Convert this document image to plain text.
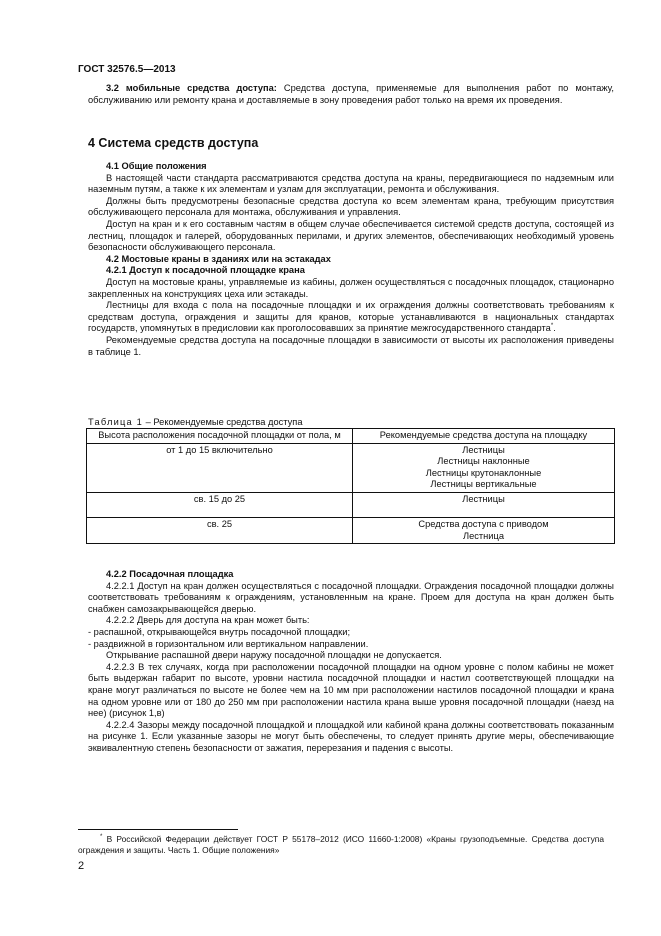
ГОСТ 32576.5—2013

3.2 мобильные средства доступа: Средства доступа, применяемые для выполнения работ по монтажу, обслуживанию или ремонту крана и доставляемые в зону проведения работ только на время их проведения.

4 Система средств доступа

4.1 Общие положения

В настоящей части стандарта рассматриваются средства доступа на краны, передвигающиеся по надземным или наземным путям, а также к их элементам и узлам для эксплуатации, ремонта и обслуживания.

Должны быть предусмотрены безопасные средства доступа ко всем элементам крана, требующим присутствия обслуживающего персонала для монтажа, обслуживания и управления.

Доступ на кран и к его составным частям в общем случае обеспечивается системой средств доступа, состоящей из лестниц, площадок и галерей, оборудованных перилами, и других элементов, обеспечивающих необходимый уровень безопасности обслуживающего персонала.

4.2 Мостовые краны в зданиях или на эстакадах

4.2.1 Доступ к посадочной площадке крана

Доступ на мостовые краны, управляемые из кабины, должен осуществляться с посадочных площадок, стационарно закрепленных на конструкциях цеха или эстакады.

Лестницы для входа с пола на посадочные площадки и их ограждения должны соответствовать требованиям к средствам доступа, ограждения и защиты для кранов, которые устанавливаются в национальных стандартах государств, упомянутых в предисловии как проголосовавших за принятие межгосударственного стандарта*.

Рекомендуемые средства доступа на посадочные площадки в зависимости от высоты их расположения приведены в таблице 1.

Таблица 1 – Рекомендуемые средства доступа
Высота расположения посадочной площадки от пола, м	Рекомендуемые средства доступа на площадку
от 1 до 15 включительно	Лестницы
Лестницы наклонные
Лестницы крутонаклонные
Лестницы вертикальные

св. 15 до 25	Лестницы

св. 25	Средства доступа с приводом
Лестница

4.2.2 Посадочная площадка

4.2.2.1 Доступ на кран должен осуществляться с посадочной площадки. Ограждения посадочной площадки должны соответствовать требованиям к ограждениям, установленным на кране. Проем для доступа на кран должен быть снабжен самозакрывающейся дверью.

4.2.2.2 Дверь для доступа на кран может быть:

- распашной, открывающейся внутрь посадочной площадки;

- раздвижной в горизонтальном или вертикальном направлении.

Открывание распашной двери наружу посадочной площадки не допускается.

4.2.2.3 В тех случаях, когда при расположении посадочной площадки на одном уровне с полом кабины не может быть выдержан габарит по высоте, уровни настила посадочной площадки и настил соответствующей площадки на кране могут различаться по высоте не более чем на 10 мм при расположении настилов посадочной площадки и крана на одном уровне или от 180 до 250 мм при расположении настила крана выше уровня посадочной площадки (наезд на нее) (рисунок 1,в)

4.2.2.4 Зазоры между посадочной площадкой и площадкой или кабиной крана должны соответствовать показанным на рисунке 1. Если указанные зазоры не могут быть обеспечены, то следует принять другие меры, обеспечивающие эквивалентную степень безопасности от зажатия, перерезания и падения с высоты.

* В Российской Федерации действует ГОСТ Р 55178–2012 (ИСО 11660-1:2008) «Краны грузоподъемные. Средства доступа ограждения и защиты. Часть 1. Общие положения»
2
